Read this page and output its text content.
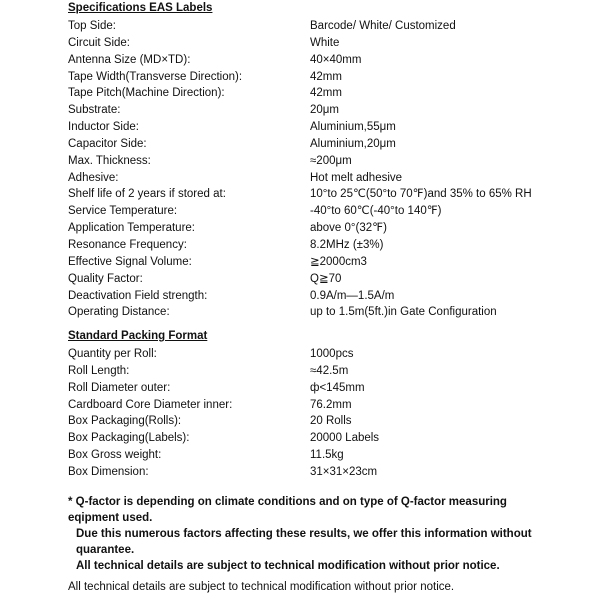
Specifications EAS Labels
Top Side:	Barcode/ White/ Customized
Circuit Side:	White
Antenna Size (MD×TD):	40×40mm
Tape Width(Transverse Direction):	42mm
Tape Pitch(Machine Direction):	42mm
Substrate:	20μm
Inductor Side:	Aluminium,55μm
Capacitor Side:	Aluminium,20μm
Max. Thickness:	≈200μm
Adhesive:	Hot melt adhesive
Shelf life of 2 years if stored at:	10°to 25℃(50°to 70℉)and 35% to 65% RH
Service Temperature:	-40°to 60℃(-40°to 140℉)
Application Temperature:	above 0°(32℉)
Resonance Frequency:	8.2MHz (±3%)
Effective Signal Volume:	≧2000cm3
Quality Factor:	Q≧70
Deactivation Field strength:	0.9A/m—1.5A/m
Operating Distance:	up to 1.5m(5ft.)in Gate Configuration
Standard Packing Format
Quantity per Roll:	1000pcs
Roll Length:	≈42.5m
Roll Diameter outer:	ф<145mm
Cardboard Core Diameter inner:	76.2mm
Box Packaging(Rolls):	20 Rolls
Box Packaging(Labels):	20000 Labels
Box Gross weight:	11.5kg
Box Dimension:	31×31×23cm

* Q-factor is depending on climate conditions and on type of Q-factor measuring eqipment used.

Due this numerous factors affecting these results, we offer this information without quarantee.

All technical details are subject to technical modification without prior notice.

All technical details are subject to technical modification without prior notice.
